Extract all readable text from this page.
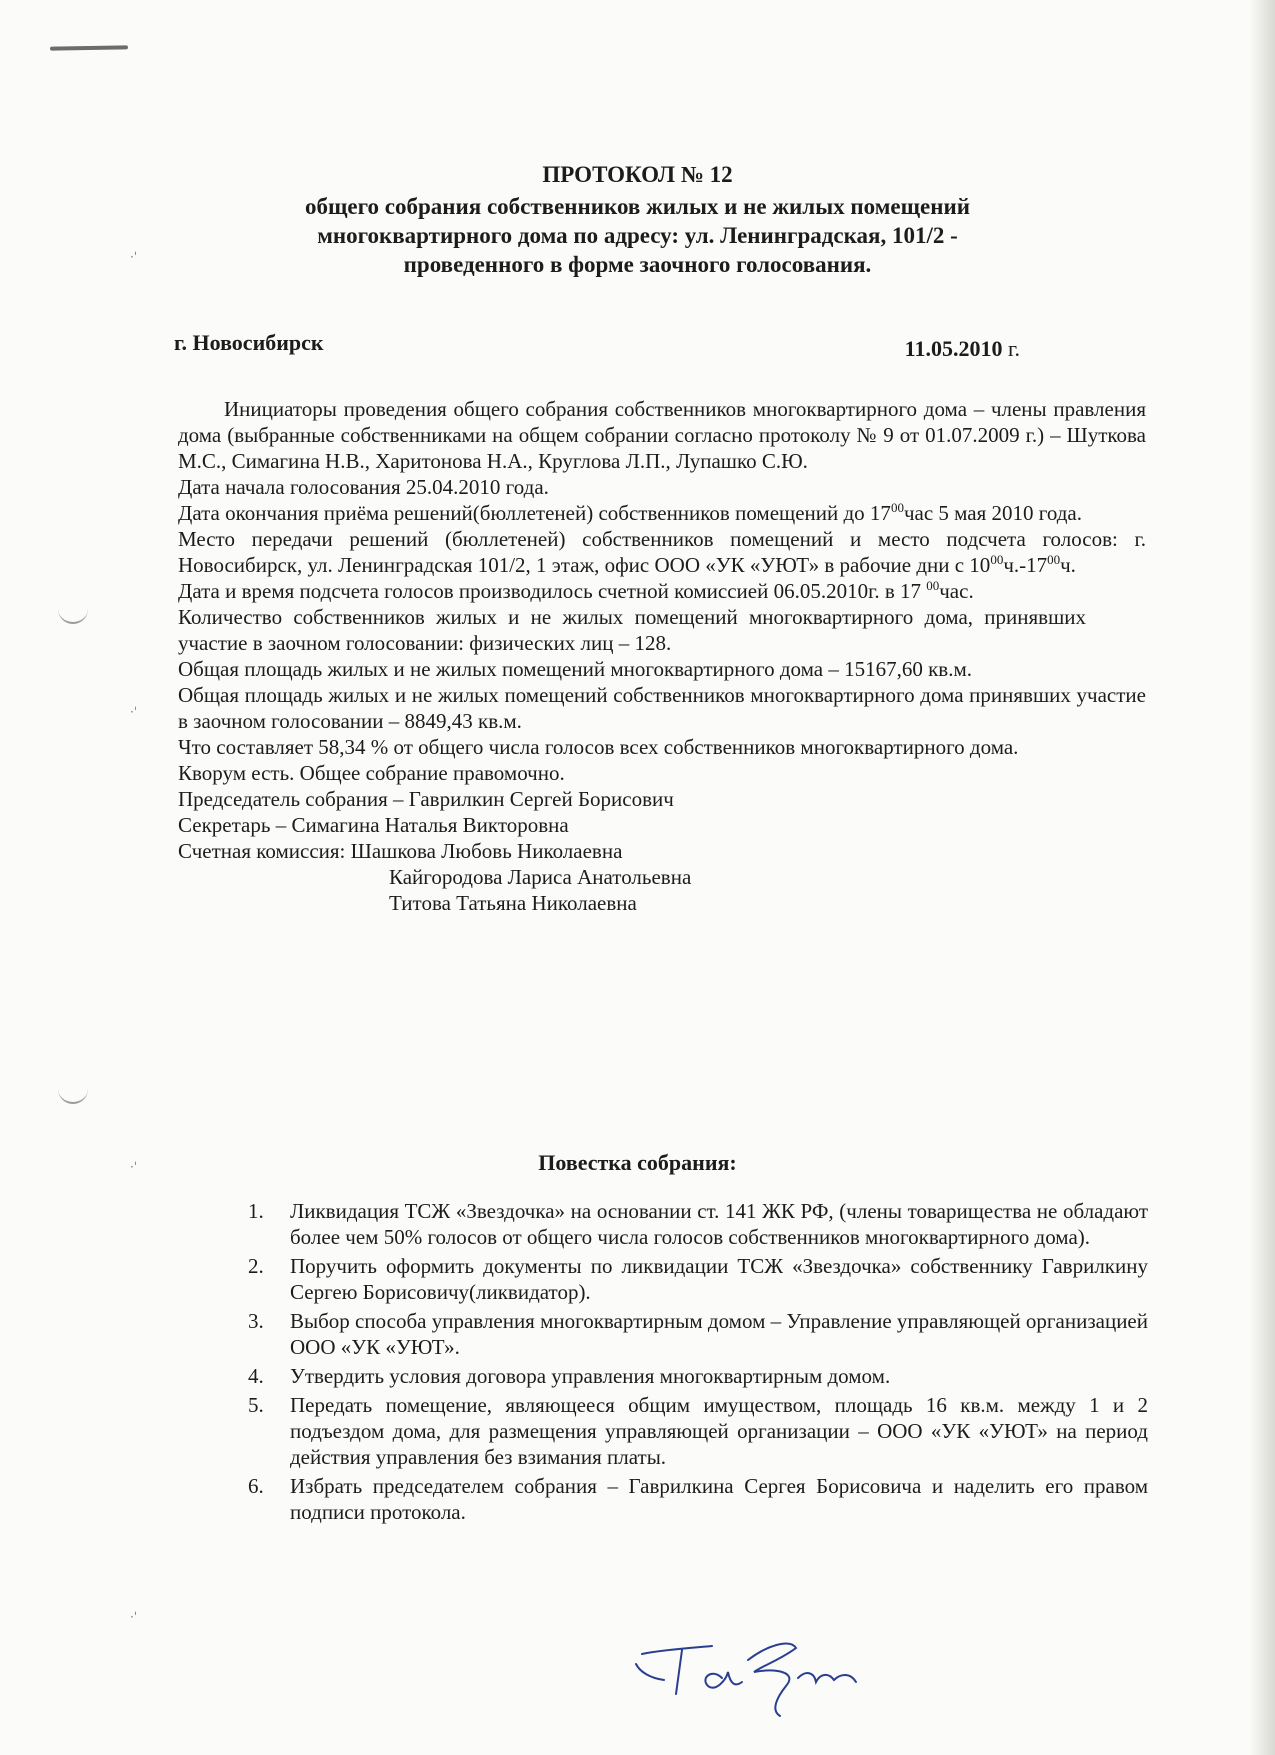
·ˈ
·ˈ
·ˈ
·ˈ
ПРОТОКОЛ № 12
общего собрания собственников жилых и не жилых помещений
многоквартирного дома по адресу: ул. Ленинградская, 101/2 -
проведенного в форме заочного голосования.
г. Новосибирск	11.05.2010 г.

Инициаторы проведения общего собрания собственников многоквартирного дома – члены правления дома (выбранные собственниками на общем собрании согласно протоколу № 9 от 01.07.2009 г.) – Шуткова М.С., Симагина Н.В., Харитонова Н.А., Круглова Л.П., Лупашко С.Ю.

Дата начала голосования 25.04.2010 года.

Дата окончания приёма решений(бюллетеней) собственников помещений до $17^{00}час$ 5 мая 2010 года.

Место передачи решений (бюллетеней) собственников помещений и место подсчета голосов: г. Новосибирск, ул. Ленинградская 101/2, 1 этаж, офис ООО «УК «УЮТ» в рабочие дни с $10^{00}ч.-17^{00}ч$.

Дата и время подсчета голосов производилось счетной комиссией 06.05.2010г. в 17 $^{00}$час.

Количество собственников жилых и не жилых помещений многоквартирного дома, принявших участие в заочном голосовании: физических лиц – 128.

Общая площадь жилых и не жилых помещений многоквартирного дома – 15167,60 кв.м.

Общая площадь жилых и не жилых помещений собственников многоквартирного дома принявших участие в заочном голосовании – 8849,43 кв.м.

Что составляет 58,34 % от общего числа голосов всех собственников многоквартирного дома.

Кворум есть. Общее собрание правомочно.

Председатель собрания – Гаврилкин Сергей Борисович

Секретарь – Симагина Наталья Викторовна

Счетная комиссия: Шашкова Любовь Николаевна
Кайгородова Лариса Анатольевна
Титова Татьяна Николаевна
Повестка собрания:
1. Ликвидация ТСЖ «Звездочка» на основании ст. 141 ЖК РФ, (члены товарищества не обладают более чем 50% голосов от общего числа голосов собственников многоквартирного дома).
2. Поручить оформить документы по ликвидации ТСЖ «Звездочка» собственнику Гаврилкину Сергею Борисовичу(ликвидатор).
3. Выбор способа управления многоквартирным домом – Управление управляющей организацией ООО «УК «УЮТ».
4. Утвердить условия договора управления многоквартирным домом.
5. Передать помещение, являющееся общим имуществом, площадь 16 кв.м. между 1 и 2 подъездом дома, для размещения управляющей организации – ООО «УК «УЮТ» на период действия управления без взимания платы.
6. Избрать председателем собрания – Гаврилкина Сергея Борисовича и наделить его правом подписи протокола.
